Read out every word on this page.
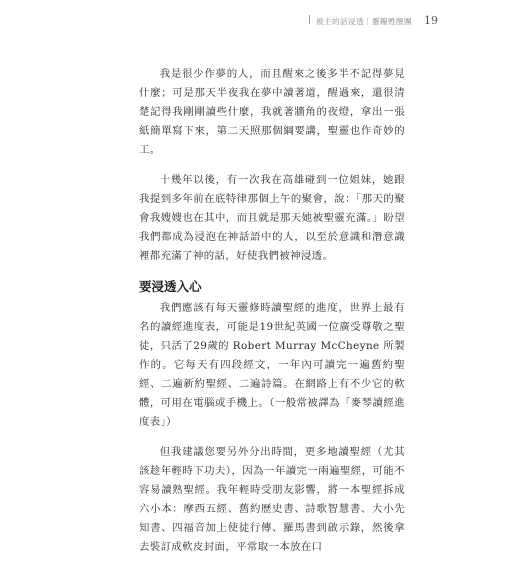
被主的話浸透｜靈糧甦醒團 19

我是很少作夢的人，而且醒來之後多半不記得夢見什麼；可是那天半夜我在夢中讀著道，醒過來，還很清楚記得我剛剛讀些什麼，我就著牆角的夜燈，拿出一張紙簡單寫下來，第二天照那個綱要講，聖靈也作奇妙的工。

十幾年以後，有一次我在高雄碰到一位姐妹，她跟我提到多年前在底特律那個上午的聚會，說：「那天的聚會我嫂嫂也在其中，而且就是那天她被聖靈充滿。」盼望我們都成為浸泡在神話語中的人，以至於意識和潛意識裡都充滿了神的話，好使我們被神浸透。

要浸透入心

我們應該有每天靈修時讀聖經的進度，世界上最有名的讀經進度表，可能是19世紀英國一位廣受尊敬之聖徒，只活了29歲的 Robert Murray McCheyne 所製作的。它每天有四段經文，一年內可讀完一遍舊約聖經、二遍新約聖經、二遍詩篇。在網路上有不少它的軟體，可用在電腦或手機上。（一般常被譯為「麥琴讀經進度表」）

但我建議您要另外分出時間，更多地讀聖經（尤其該趁年輕時下功夫），因為一年讀完一兩遍聖經，可能不容易讀熟聖經。我年輕時受朋友影響，將一本聖經拆成六小本：摩西五經、舊約歷史書、詩歌智慧書、大小先知書、四福音加上使徒行傳、羅馬書到啟示錄，然後拿去裝訂成軟皮封面，平常取一本放在口
